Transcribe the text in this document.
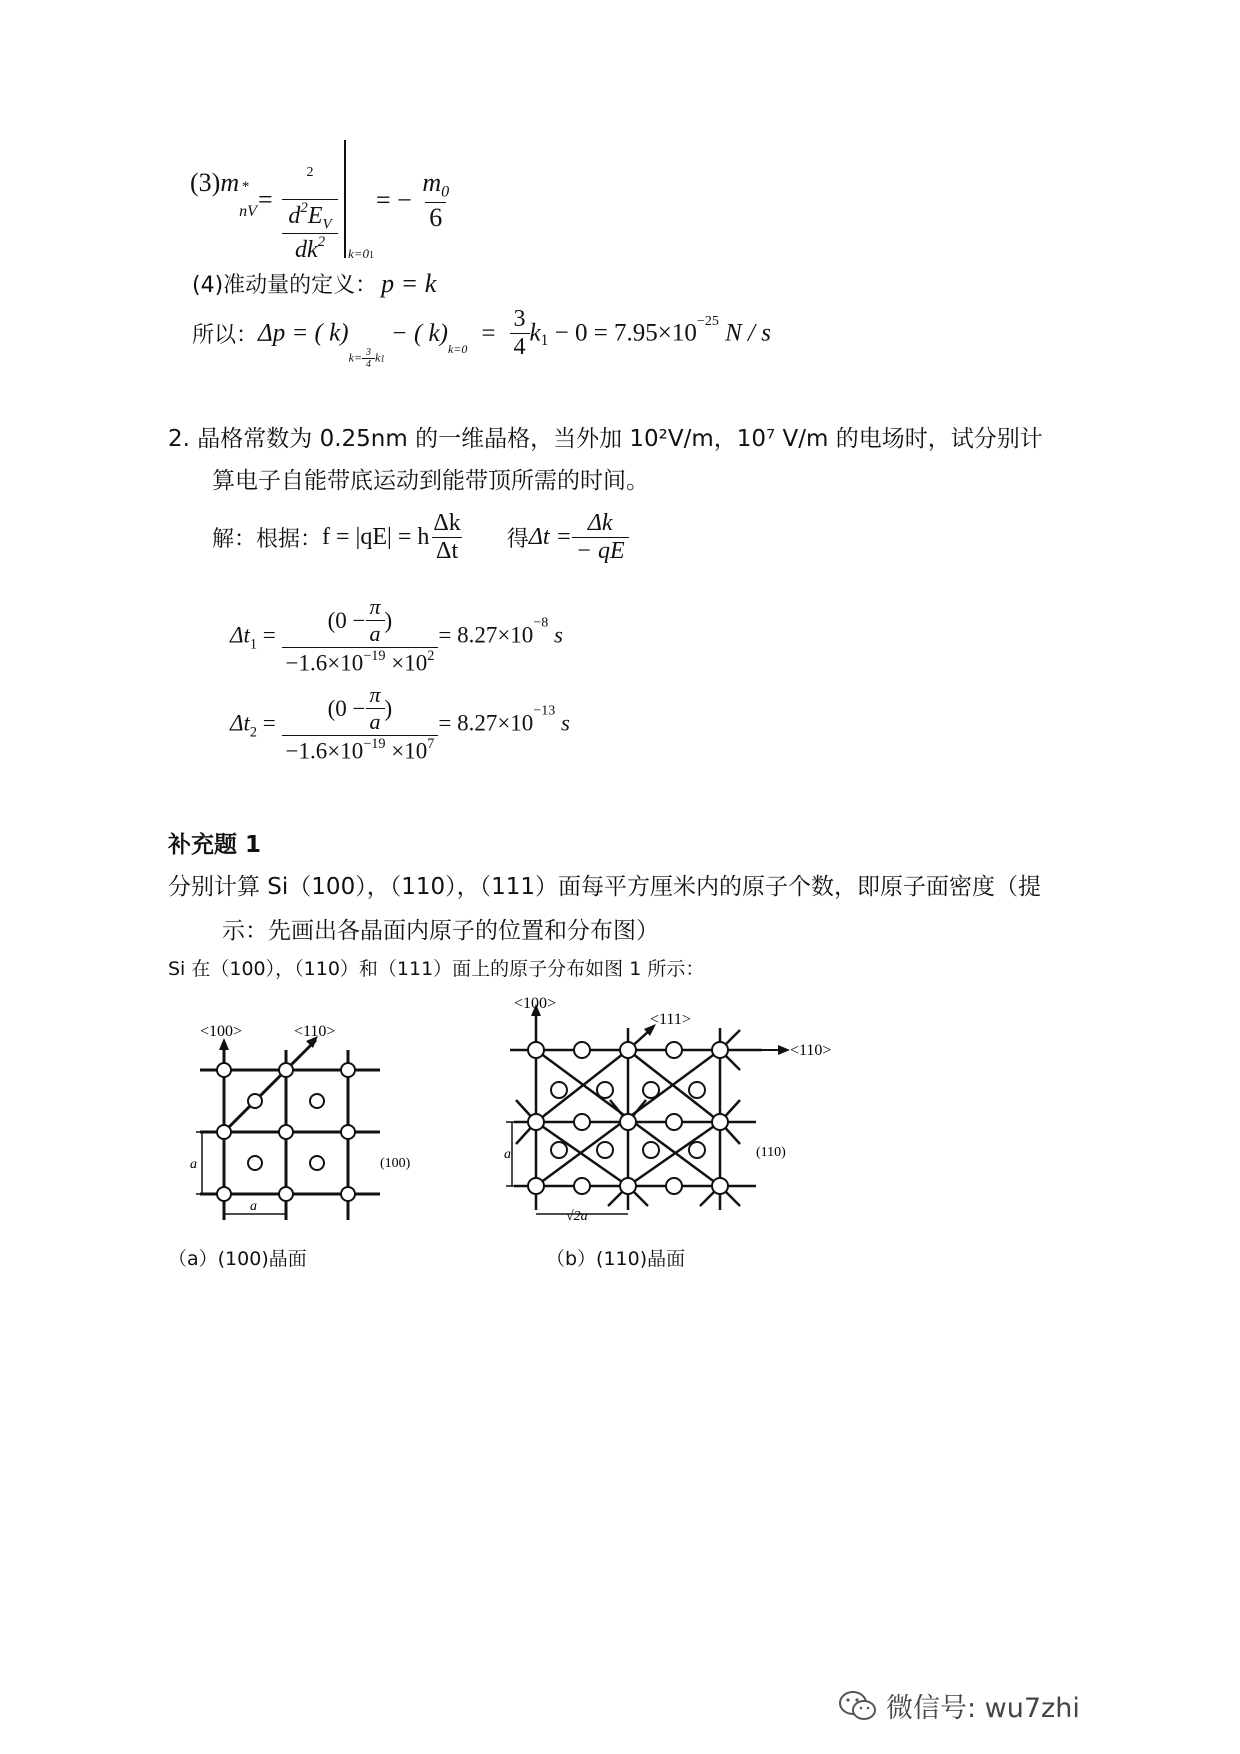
(3)m *
nV =
2
$d^2E_V$
$dk^2$
k=01
= − $\frac{m_0}{6}$
(4)准动量的定义： p = k
所以：Δp = ( $k)k= \frac{3}{4} k1-$ ( $k)_{k=0}= \frac{3}{4} k_1 - 0 = 7.95\times 10^{-25}$ N / s
2. 晶格常数为 0.25nm 的一维晶格，当外加 10²V/m，10⁷ V/m 的电场时，试分别计
算电子自能带底运动到能带顶所需的时间。
解：根据：f = |qE| = h $\frac{\Delta k}{\Delta t}$ 得$\Delta t = \frac{\Delta k}{- qE}$
$\Delta t_1 = \frac{(0 - \frac{\pi}{a} )}{-1.6\times 10^{-19} \times 10^2} = 8.27\times 10^{-8}$ s
$\Delta t_2 = \frac{(0 - \frac{\pi}{a} )}{-1.6\times 10^{-19} \times 10^7} = 8.27\times 10^{-13}$ s
补充题 1
分别计算 Si（100），（110），（111）面每平方厘米内的原子个数，即原子面密度（提
示：先画出各晶面内原子的位置和分布图）
Si 在（100），（110）和（111）面上的原子分布如图 1 所示：
<100>	<110>
(100)
a
a
（a）(100)晶面
<100>
<111>
<110>
(110)
a
√2a
（b）(110)晶面
微信号: wu7zhi
